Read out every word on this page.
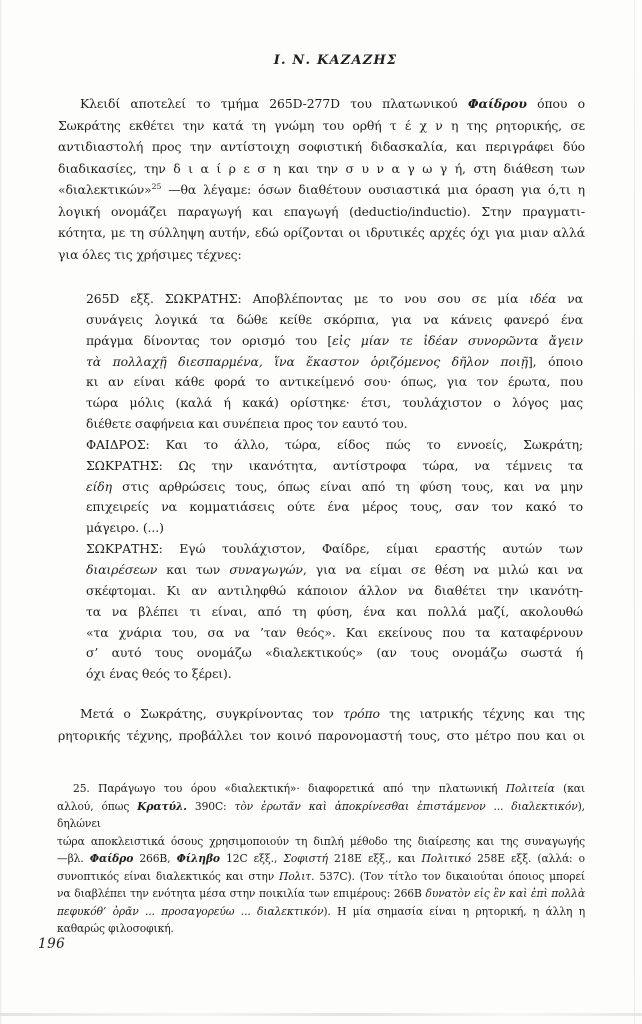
Ι. Ν. ΚΑΖΑΖΗΣ
Κλειδί αποτελεί το τμήμα 265D-277D του πλατωνικού Φαίδρου όπου ο
Σωκράτης εκθέτει την κατά τη γνώμη του ορθή τ έ χ ν η της ρητορικής, σε
αντιδιαστολή προς την αντίστοιχη σοφιστική διδασκαλία, και περιγράφει δύο
διαδικασίες, την δ ι α ί ρ ε σ η και την σ υ ν α γ ω γ ή, στη διάθεση των
«διαλεκτικών»$^{25}$ —θα λέγαμε: όσων διαθέτουν ουσιαστικά μια όραση για ό,τι η
λογική ονομάζει παραγωγή και επαγωγή (deductio/inductio). Στην πραγματι-
κότητα, με τη σύλληψη αυτήν, εδώ ορίζονται οι ιδρυτικές αρχές όχι για μιαν αλλά
για όλες τις χρήσιμες τέχνες:
265D εξξ. ΣΩΚΡΑΤΗΣ: Αποβλέποντας με το νου σου σε μία ιδέα να
συνάγεις λογικά τα δώθε κείθε σκόρπια, για να κάνεις φανερό ένα
πράγμα δίνοντας τον ορισμό του [εἰς μίαν τε ἰδέαν συνορῶντα ἄγειν
τὰ πολλαχῇ διεσπαρμένα, ἵνα ἕκαστον ὁριζόμενος δῆλον ποιῇ], όποιο
κι αν είναι κάθε φορά το αντικείμενό σου· όπως, για τον έρωτα, που
τώρα μόλις (καλά ή κακά) ορίστηκε· έτσι, τουλάχιστον ο λόγος μας
διέθετε σαφήνεια και συνέπεια προς τον εαυτό του.
ΦΑΙΔΡΟΣ: Και το άλλο, τώρα, είδος πώς το εννοείς, Σωκράτη;
ΣΩΚΡΑΤΗΣ: Ως την ικανότητα, αντίστροφα τώρα, να τέμνεις τα
είδη στις αρθρώσεις τους, όπως είναι από τη φύση τους, και να μην
επιχειρείς να κομματιάσεις ούτε ένα μέρος τους, σαν τον κακό το
μάγειρο. (...)
ΣΩΚΡΑΤΗΣ: Εγώ τουλάχιστον, Φαίδρε, είμαι εραστής αυτών των
διαιρέσεων και των συναγωγών, για να είμαι σε θέση να μιλώ και να
σκέφτομαι. Κι αν αντιληφθώ κάποιον άλλον να διαθέτει την ικανότη-
τα να βλέπει τι είναι, από τη φύση, ένα και πολλά μαζί, ακολουθώ
«τα χνάρια του, σα να ’ταν θεός». Και εκείνους που τα καταφέρνουν
σ’ αυτό τους ονομάζω «διαλεκτικούς» (αν τους ονομάζω σωστά ή
όχι ένας θεός το ξέρει).
Μετά ο Σωκράτης, συγκρίνοντας τον τρόπο της ιατρικής τέχνης και της
ρητορικής τέχνης, προβάλλει τον κοινό παρονομαστή τους, στο μέτρο που και οι
25. Παράγωγο του όρου «διαλεκτική»· διαφορετικά από την πλατωνική Πολιτεία (και
αλλού, όπως Κρατύλ. 390C: τὸν ἐρωτᾶν καὶ ἀποκρίνεσθαι ἐπιστάμενον ... διαλεκτικόν), δηλώνει
τώρα αποκλειστικά όσους χρησιμοποιούν τη διπλή μέθοδο της διαίρεσης και της συναγωγής
—βλ. Φαίδρο 266Β, Φίληβο 12C εξξ., Σοφιστή 218Ε εξξ., και Πολιτικό 258Ε εξξ. (αλλά: ο
συνοπτικός είναι διαλεκτικός και στην Πολιτ. 537C). (Τον τίτλο τον δικαιούται όποιος μπορεί
να διαβλέπει την ενότητα μέσα στην ποικιλία των επιμέρους: 266Β δυνατὸν εἰς ἓν καὶ ἐπὶ πολλὰ
πεφυκόθ’ ὁρᾶν ... προσαγορεύω ... διαλεκτικόν). Η μία σημασία είναι η ρητορική, η άλλη η
καθαρώς φιλοσοφική.
196
